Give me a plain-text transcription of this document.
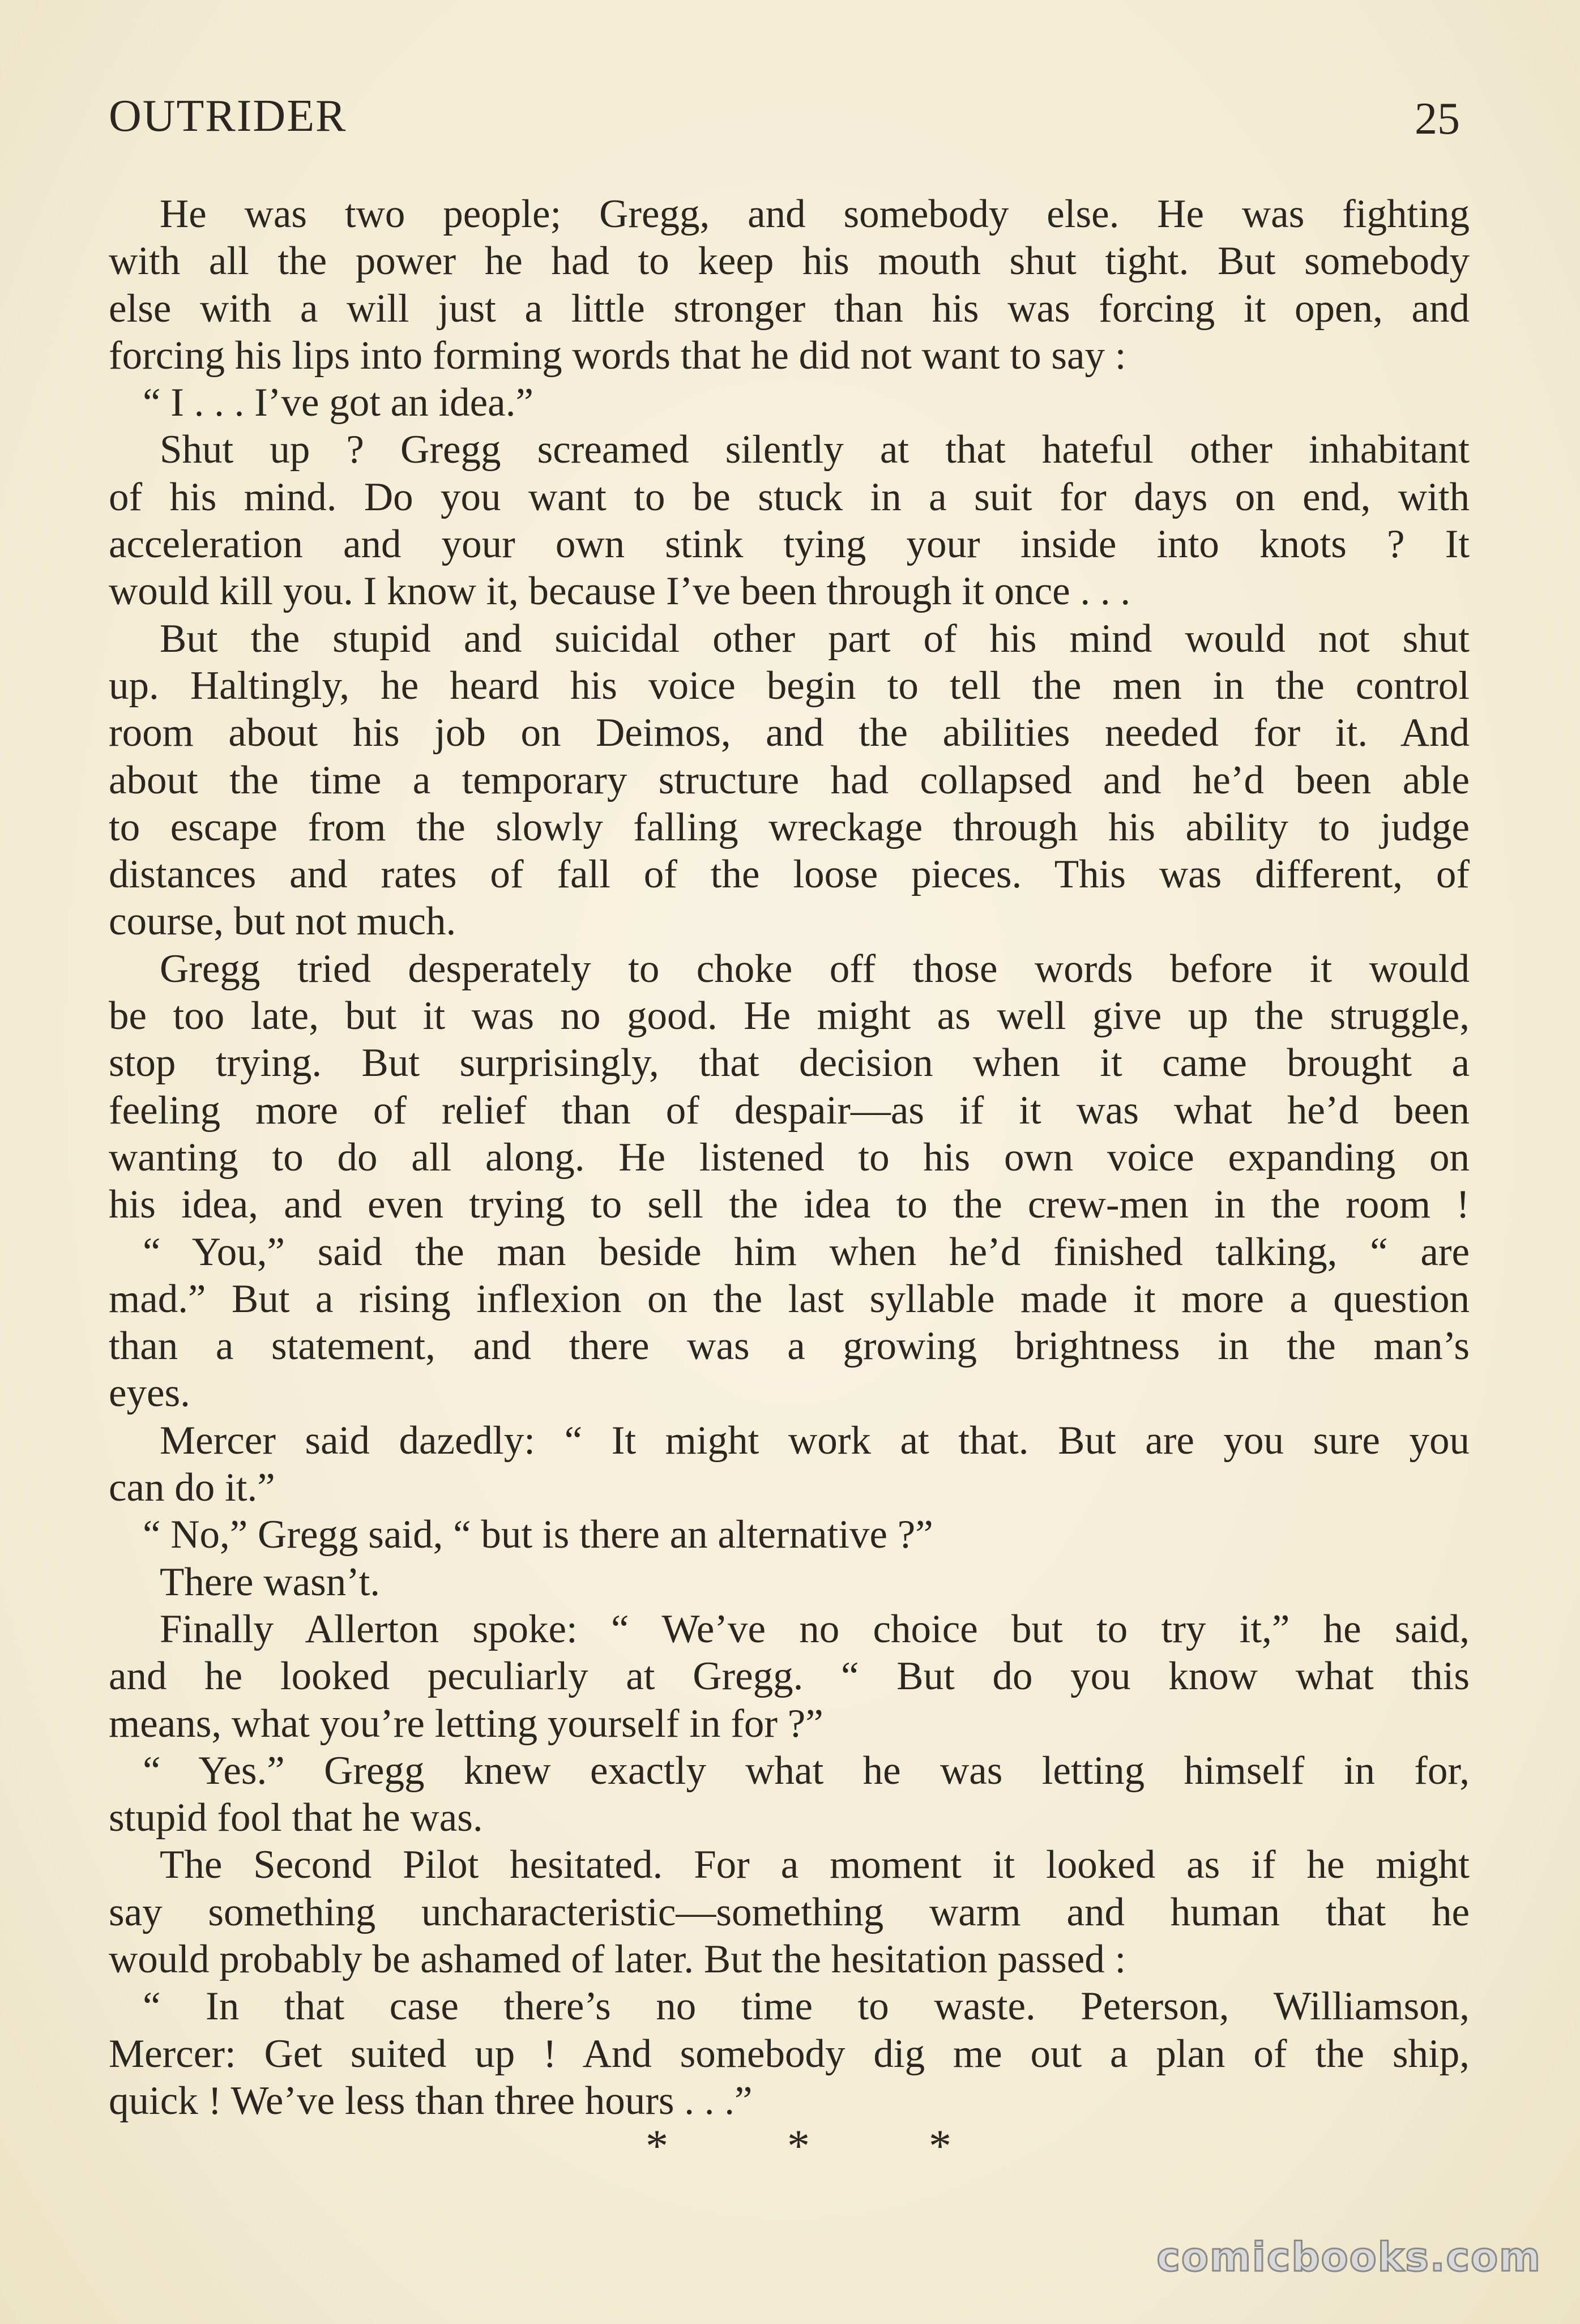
OUTRIDER	25
He was two people; Gregg, and somebody else. He was fighting
with all the power he had to keep his mouth shut tight. But somebody
else with a will just a little stronger than his was forcing it open, and
forcing his lips into forming words that he did not want to say :
“ I . . . I’ve got an idea.”
Shut up ? Gregg screamed silently at that hateful other inhabitant
of his mind. Do you want to be stuck in a suit for days on end, with
acceleration and your own stink tying your inside into knots ? It
would kill you. I know it, because I’ve been through it once . . .
But the stupid and suicidal other part of his mind would not shut
up. Haltingly, he heard his voice begin to tell the men in the control
room about his job on Deimos, and the abilities needed for it. And
about the time a temporary structure had collapsed and he’d been able
to escape from the slowly falling wreckage through his ability to judge
distances and rates of fall of the loose pieces. This was different, of
course, but not much.
Gregg tried desperately to choke off those words before it would
be too late, but it was no good. He might as well give up the struggle,
stop trying. But surprisingly, that decision when it came brought a
feeling more of relief than of despair—as if it was what he’d been
wanting to do all along. He listened to his own voice expanding on
his idea, and even trying to sell the idea to the crew-men in the room !
“ You,” said the man beside him when he’d finished talking, “ are
mad.” But a rising inflexion on the last syllable made it more a question
than a statement, and there was a growing brightness in the man’s
eyes.
Mercer said dazedly: “ It might work at that. But are you sure you
can do it.”
“ No,” Gregg said, “ but is there an alternative ?”
There wasn’t.
Finally Allerton spoke: “ We’ve no choice but to try it,” he said,
and he looked peculiarly at Gregg. “ But do you know what this
means, what you’re letting yourself in for ?”
“ Yes.” Gregg knew exactly what he was letting himself in for,
stupid fool that he was.
The Second Pilot hesitated. For a moment it looked as if he might
say something uncharacteristic—something warm and human that he
would probably be ashamed of later. But the hesitation passed :
“ In that case there’s no time to waste. Peterson, Williamson,
Mercer: Get suited up ! And somebody dig me out a plan of the ship,
quick ! We’ve less than three hours . . .”
*	*	*
comicbooks.com
